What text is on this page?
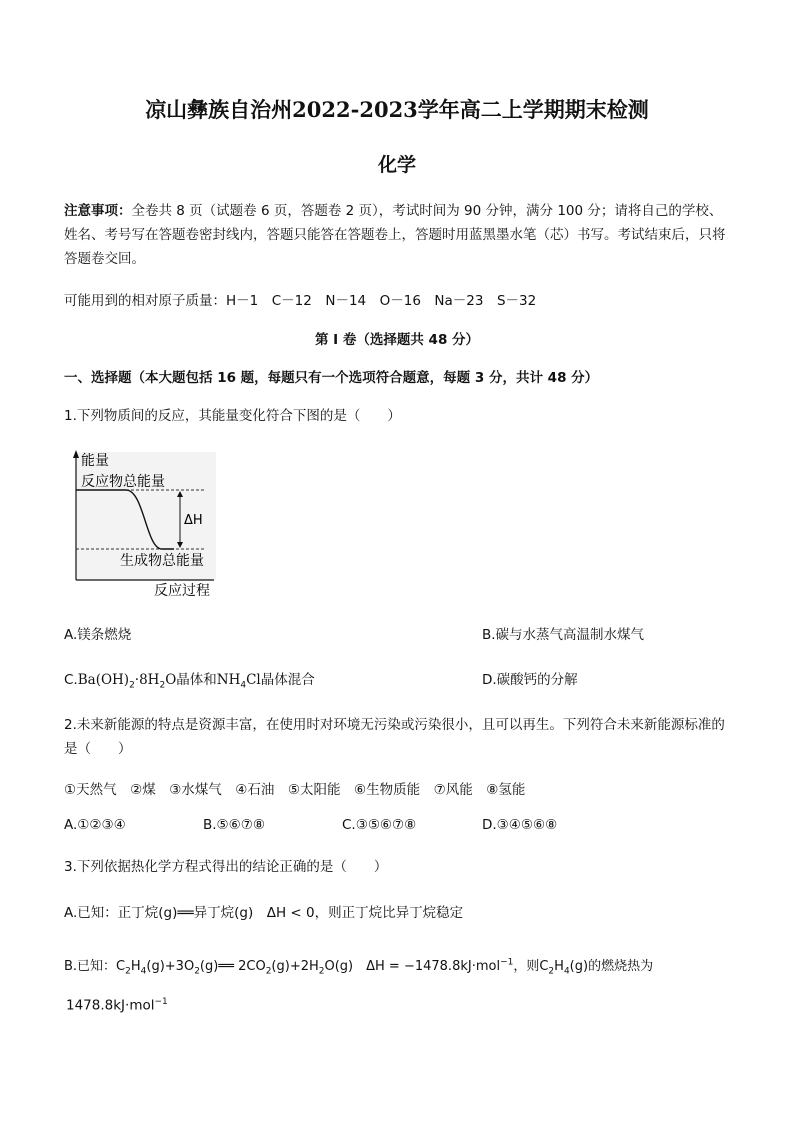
凉山彝族自治州2022-2023学年高二上学期期末检测
化学
注意事项：全卷共 8 页（试题卷 6 页，答题卷 2 页），考试时间为 90 分钟，满分 100 分；请将自己的学校、姓名、考号写在答题卷密封线内，答题只能答在答题卷上，答题时用蓝黑墨水笔（芯）书写。考试结束后，只将答题卷交回。
可能用到的相对原子质量：H－1　C－12　N－14　O－16　Na－23　S－32
第 I 卷（选择题共 48 分）
一、选择题（本大题包括 16 题，每题只有一个选项符合题意，每题 3 分，共计 48 分）
1.下列物质间的反应，其能量变化符合下图的是（　　）
能量
反应物总能量
ΔH
生成物总能量
反应过程
A.镁条燃烧	B.碳与水蒸气高温制水煤气
$C.Ba(OH)_2\cdot 8H_2O$晶体和$NH_4Cl$晶体混合	D.碳酸钙的分解
2.未来新能源的特点是资源丰富，在使用时对环境无污染或污染很小，且可以再生。下列符合未来新能源标准的是（　　）
①天然气　②煤　③水煤气　④石油　⑤太阳能　⑥生物质能　⑦风能　⑧氢能
A.①②③④	B.⑤⑥⑦⑧	C.③⑤⑥⑦⑧	D.③④⑤⑥⑧
3.下列依据热化学方程式得出的结论正确的是（　　）
A.已知：正丁烷(g)══异丁烷(g)　ΔH < 0，则正丁烷比异丁烷稳定
B.已知：$C_2H_4(g)+3O_2(g)══$ $2CO_2(g)+2H_2O(g)$　ΔH = −1478.8kJ·mol$^{-1}$，则$C_2H_4(g)$的燃烧热为
1478.8kJ·mol$^{-1}$
